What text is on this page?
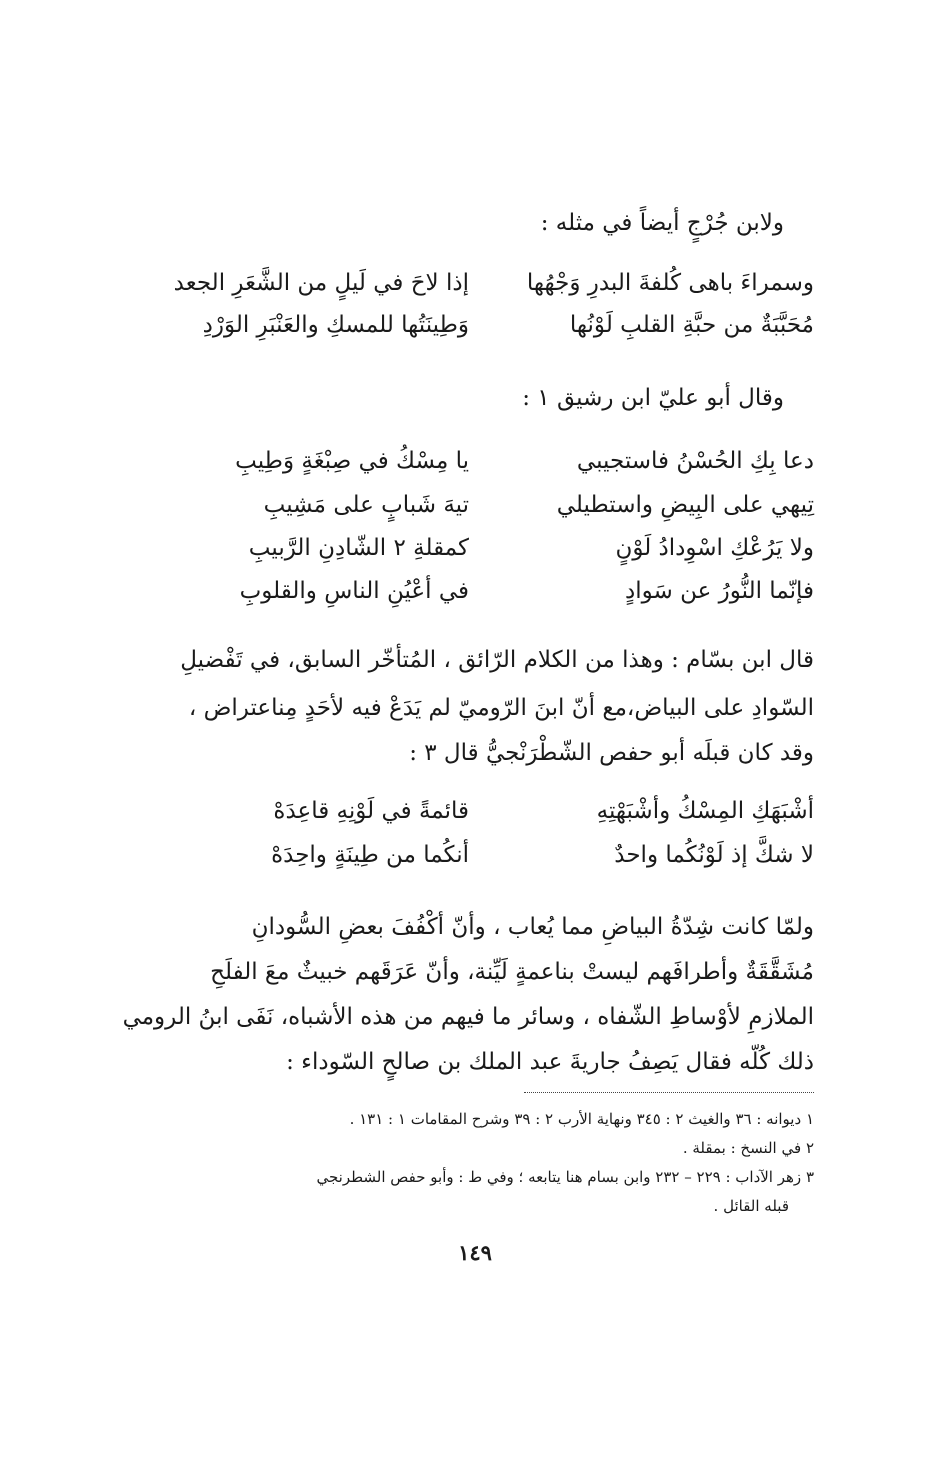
ولابن جُرْجٍ أيضاً في مثله :
وسمراءَ باهى كُلفةَ البدرِ وَجْهُها
إذا لاحَ في لَيلٍ من الشَّعَرِ الجعد
مُحَبَّبَةٌ من حبَّةِ القلبِ لَوْنُها
وَطِينَتُها للمسكِ والعَنْبَرِ الوَرْدِ
وقال أبو عليّ ابن رشيق ١ :
دعا بِكِ الحُسْنُ فاستجيبي
يا مِسْكُ في صِبْغَةٍ وَطِيبِ
تِيهي على البِيضِ واستطيلي
تيهَ شَبابٍ على مَشِيبِ
ولا يَرُعْكِ اسْوِدادُ لَوْنٍ
كمقلةِ ٢ الشّادِنِ الرَّبيبِ
فإنّما النُّورُ عن سَوادٍ
في أعْيُنِ الناسِ والقلوبِ
قال ابن بسّام : وهذا من الكلام الرّائق ، المُتأخّر السابق، في تَفْضيلِ
السّوادِ على البياض،مع أنّ ابنَ الرّوميّ لم يَدَعْ فيه لأحَدٍ مِناعتراض ،
وقد كان قبلَه أبو حفص الشّطْرَنْجيُّ قال ٣ :
أشْبَهَكِ المِسْكُ وأشْبَهْتِهِ
قائمةً في لَوْنِهِ قاعِدَهْ
لا شكَّ إذ لَوْنُكُما واحدٌ
أنكُما من طِينَةٍ واحِدَهْ
ولمّا كانت شِدّةُ البياضِ مما يُعاب ، وأنّ أكْفُفَ بعضِ السُّودانِ
مُشَقَّقَةٌ وأطرافَهم ليستْ بناعمةٍ لَيِّنة، وأنّ عَرَقَهم خبيثٌ معَ الفلَحِ
الملازمِ لأوْساطِ الشّفاه ، وسائر ما فيهم من هذه الأشباه، نَفَى ابنُ الرومي
ذلك كُلّه فقال يَصِفُ جاريةَ عبد الملك بن صالحٍ السّوداء :
١ ديوانه : ٣٦ والغيث ٢ : ٣٤٥ ونهاية الأرب ٢ : ٣٩ وشرح المقامات ١ : ١٣١ .
٢ في النسخ : بمقلة .
٣ زهر الآداب : ٢٢٩ – ٢٣٢ وابن بسام هنا يتابعه ؛ وفي ط : وأبو حفص الشطرنجي
قبله القائل .
١٤٩
